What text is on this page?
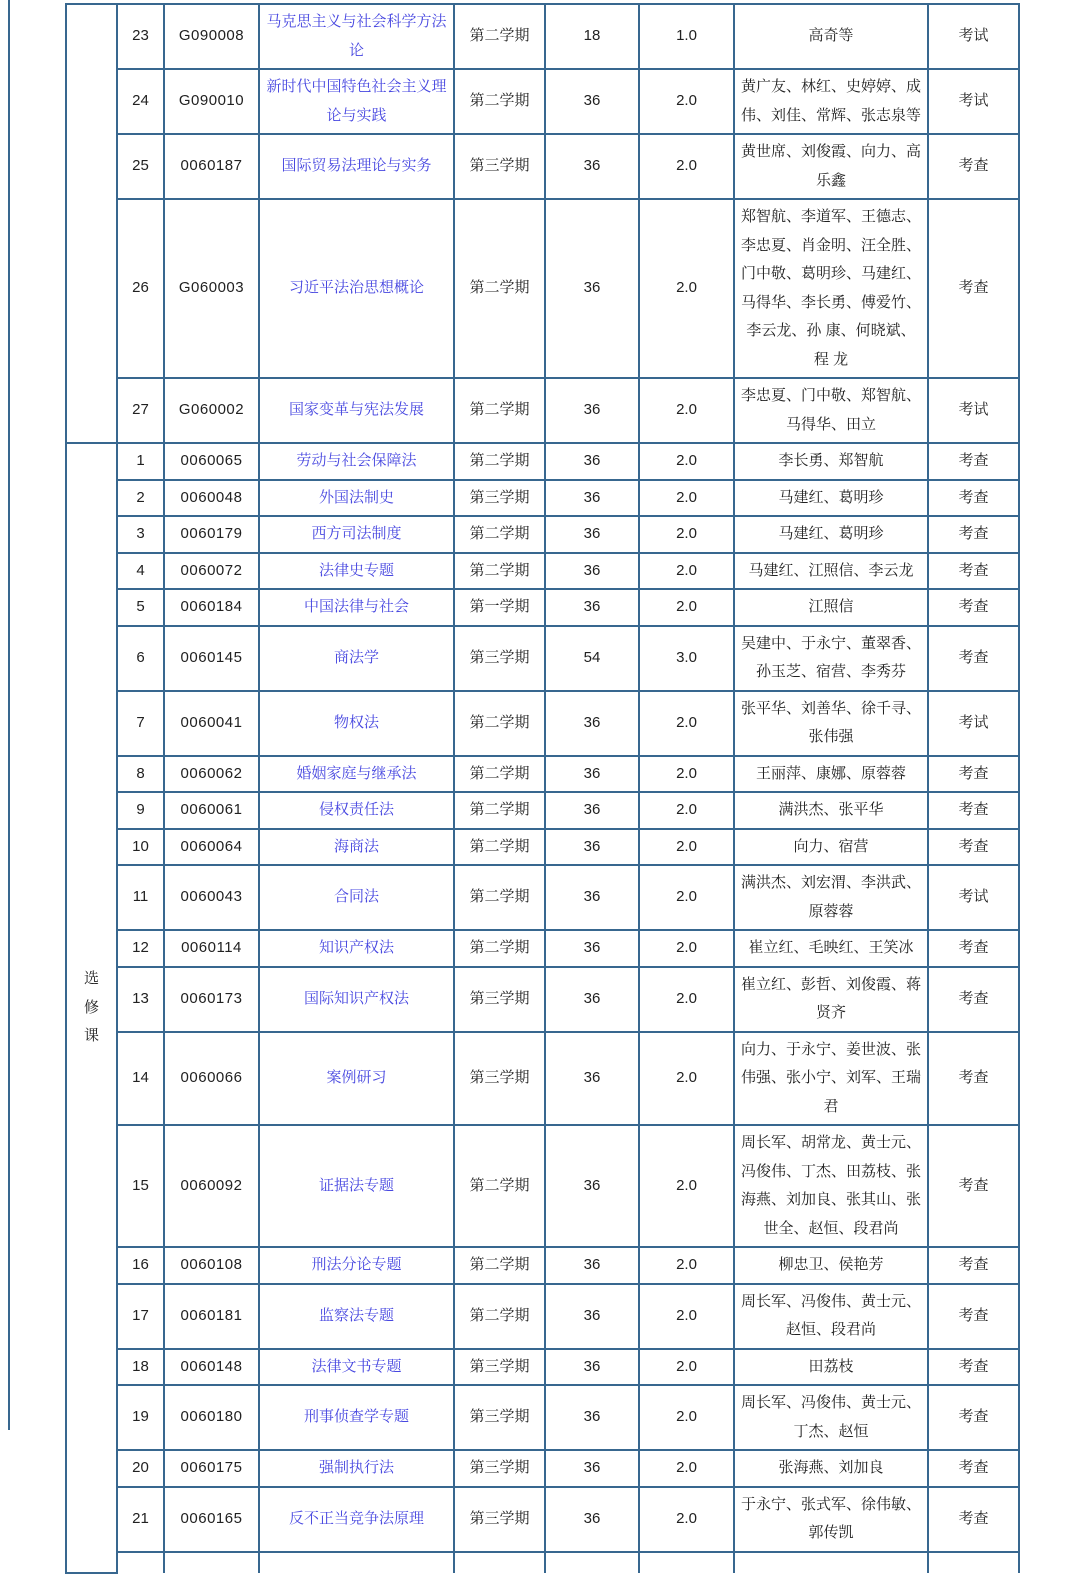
	23	G090008	马克思主义与社会科学方法论	第二学期	18	1.0	高奇等	考试
	24	G090010	新时代中国特色社会主义理论与实践	第二学期	36	2.0	黄广友、林红、史婷婷、成伟、刘佳、常辉、张志泉等	考试
	25	0060187	国际贸易法理论与实务	第三学期	36	2.0	黄世席、刘俊霞、向力、高乐鑫	考查
	26	G060003	习近平法治思想概论	第二学期	36	2.0	郑智航、李道军、王德志、李忠夏、肖金明、汪全胜、门中敬、葛明珍、马建红、马得华、李长勇、傅爱竹、李云龙、孙 康、何晓斌、程 龙	考查
	27	G060002	国家变革与宪法发展	第二学期	36	2.0	李忠夏、门中敬、郑智航、马得华、田立	考试

选
修
课	1	0060065	劳动与社会保障法	第二学期	36	2.0	李长勇、郑智航	考查
	2	0060048	外国法制史	第三学期	36	2.0	马建红、葛明珍	考查
	3	0060179	西方司法制度	第二学期	36	2.0	马建红、葛明珍	考查
	4	0060072	法律史专题	第二学期	36	2.0	马建红、江照信、李云龙	考查
	5	0060184	中国法律与社会	第一学期	36	2.0	江照信	考查
	6	0060145	商法学	第三学期	54	3.0	吴建中、于永宁、董翠香、孙玉芝、宿营、李秀芬	考查
	7	0060041	物权法	第二学期	36	2.0	张平华、刘善华、徐千寻、张伟强	考试
	8	0060062	婚姻家庭与继承法	第二学期	36	2.0	王丽萍、康娜、原蓉蓉	考查
	9	0060061	侵权责任法	第二学期	36	2.0	满洪杰、张平华	考查
	10	0060064	海商法	第二学期	36	2.0	向力、宿营	考查
	11	0060043	合同法	第二学期	36	2.0	满洪杰、刘宏渭、李洪武、原蓉蓉	考试
	12	0060114	知识产权法	第二学期	36	2.0	崔立红、毛映红、王笑冰	考查
	13	0060173	国际知识产权法	第三学期	36	2.0	崔立红、彭哲、刘俊霞、蒋贤齐	考查
	14	0060066	案例研习	第三学期	36	2.0	向力、于永宁、姜世波、张伟强、张小宁、刘军、王瑞君	考查
	15	0060092	证据法专题	第二学期	36	2.0	周长军、胡常龙、黄士元、冯俊伟、丁杰、田荔枝、张海燕、刘加良、张其山、张世全、赵恒、段君尚	考查
	16	0060108	刑法分论专题	第二学期	36	2.0	柳忠卫、侯艳芳	考查
	17	0060181	监察法专题	第二学期	36	2.0	周长军、冯俊伟、黄士元、赵恒、段君尚	考查
	18	0060148	法律文书专题	第三学期	36	2.0	田荔枝	考查
	19	0060180	刑事侦查学专题	第三学期	36	2.0	周长军、冯俊伟、黄士元、丁杰、赵恒	考查
	20	0060175	强制执行法	第三学期	36	2.0	张海燕、刘加良	考查
	21	0060165	反不正当竞争法原理	第三学期	36	2.0	于永宁、张式军、徐伟敏、郭传凯	考查
